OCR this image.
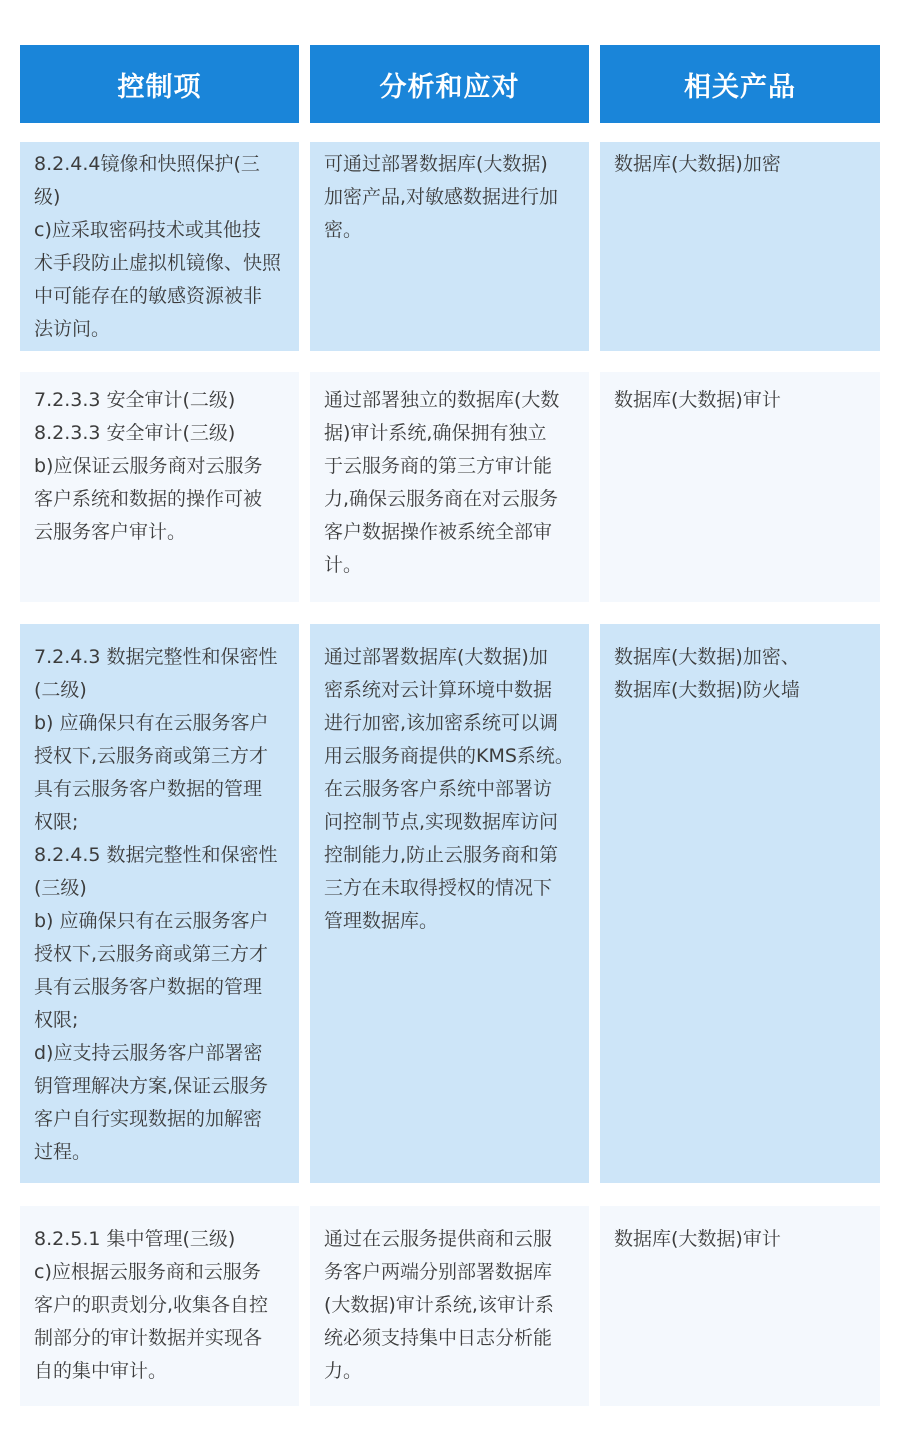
控制项	分析和应对	相关产品
8.2.4.4镜像和快照保护(三
级)
c)应采取密码技术或其他技
术手段防止虚拟机镜像、快照
中可能存在的敏感资源被非
法访问。
可通过部署数据库(大数据)
加密产品,对敏感数据进行加
密。
数据库(大数据)加密
7.2.3.3 安全审计(二级)
8.2.3.3 安全审计(三级)
b)应保证云服务商对云服务
客户系统和数据的操作可被
云服务客户审计。
通过部署独立的数据库(大数
据)审计系统,确保拥有独立
于云服务商的第三方审计能
力,确保云服务商在对云服务
客户数据操作被系统全部审
计。
数据库(大数据)审计
7.2.4.3 数据完整性和保密性
(二级)
b) 应确保只有在云服务客户
授权下,云服务商或第三方才
具有云服务客户数据的管理
权限;
8.2.4.5 数据完整性和保密性
(三级)
b) 应确保只有在云服务客户
授权下,云服务商或第三方才
具有云服务客户数据的管理
权限;
d)应支持云服务客户部署密
钥管理解决方案,保证云服务
客户自行实现数据的加解密
过程。
通过部署数据库(大数据)加
密系统对云计算环境中数据
进行加密,该加密系统可以调
用云服务商提供的KMS系统。
在云服务客户系统中部署访
问控制节点,实现数据库访问
控制能力,防止云服务商和第
三方在未取得授权的情况下
管理数据库。
数据库(大数据)加密、
数据库(大数据)防火墙
8.2.5.1 集中管理(三级)
c)应根据云服务商和云服务
客户的职责划分,收集各自控
制部分的审计数据并实现各
自的集中审计。
通过在云服务提供商和云服
务客户两端分别部署数据库
(大数据)审计系统,该审计系
统必须支持集中日志分析能
力。
数据库(大数据)审计
